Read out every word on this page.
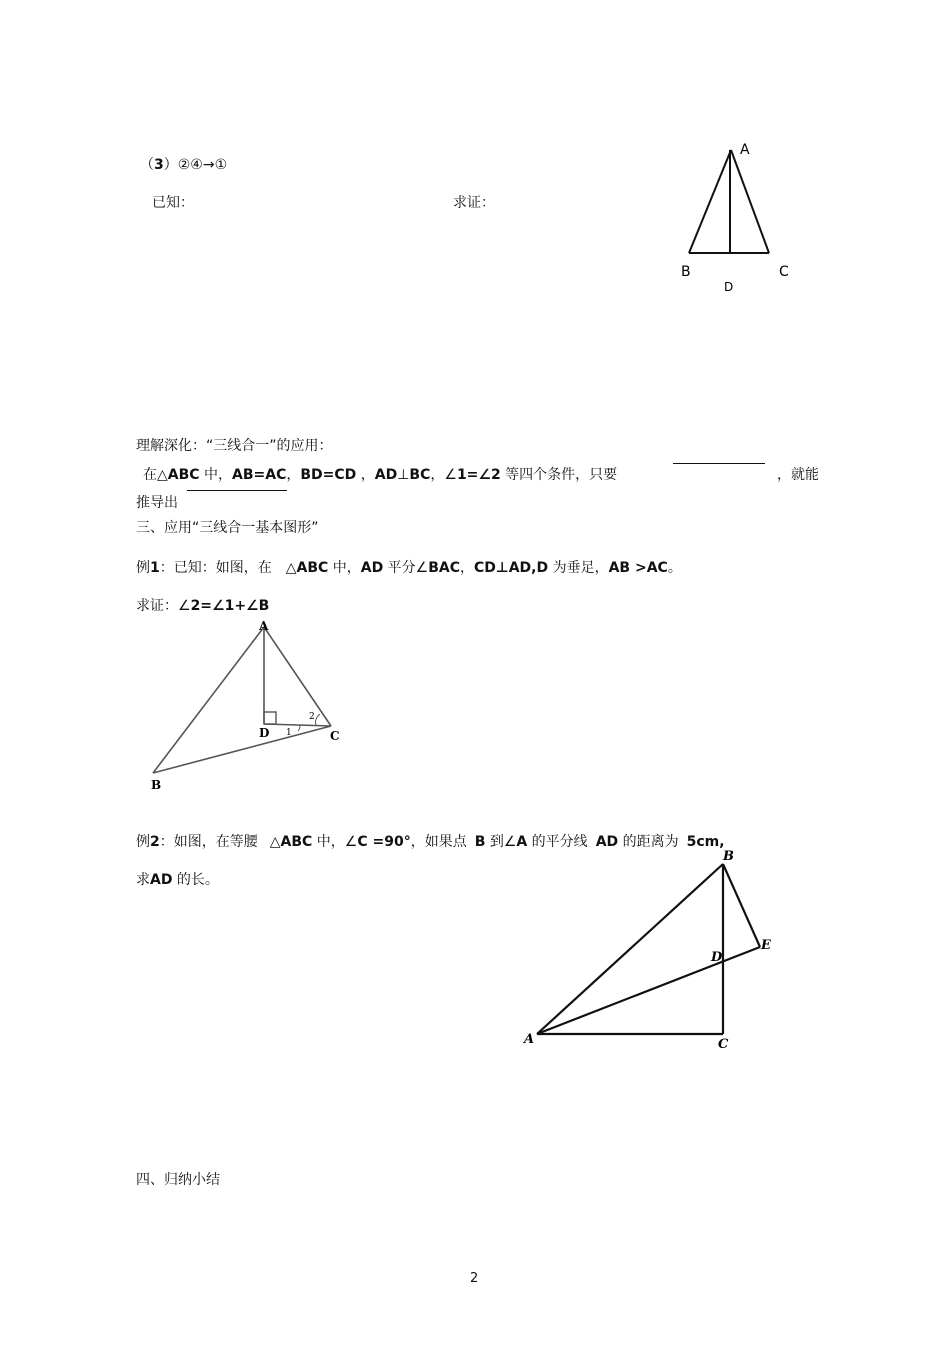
（3）②④→①
已知：	求证：
A
B	C
D
理解深化：“三线合一”的应用：
在△ABC 中，AB=AC，BD=CD ，AD⊥BC，∠1=∠2 等四个条件，只要	，就能
推导出
三、应用“三线合一基本图形”
例1：已知：如图，在 △ABC 中，AD 平分∠BAC，CD⊥AD,D 为垂足，AB >AC。
求证：∠2=∠1+∠B
A
D	C
B
1
2
例2：如图，在等腰 △ABC 中，∠C =90°，如果点 B 到∠A 的平分线 AD 的距离为 5cm,
求AD 的长。
B
D
E
A	C
四、归纳小结
2
